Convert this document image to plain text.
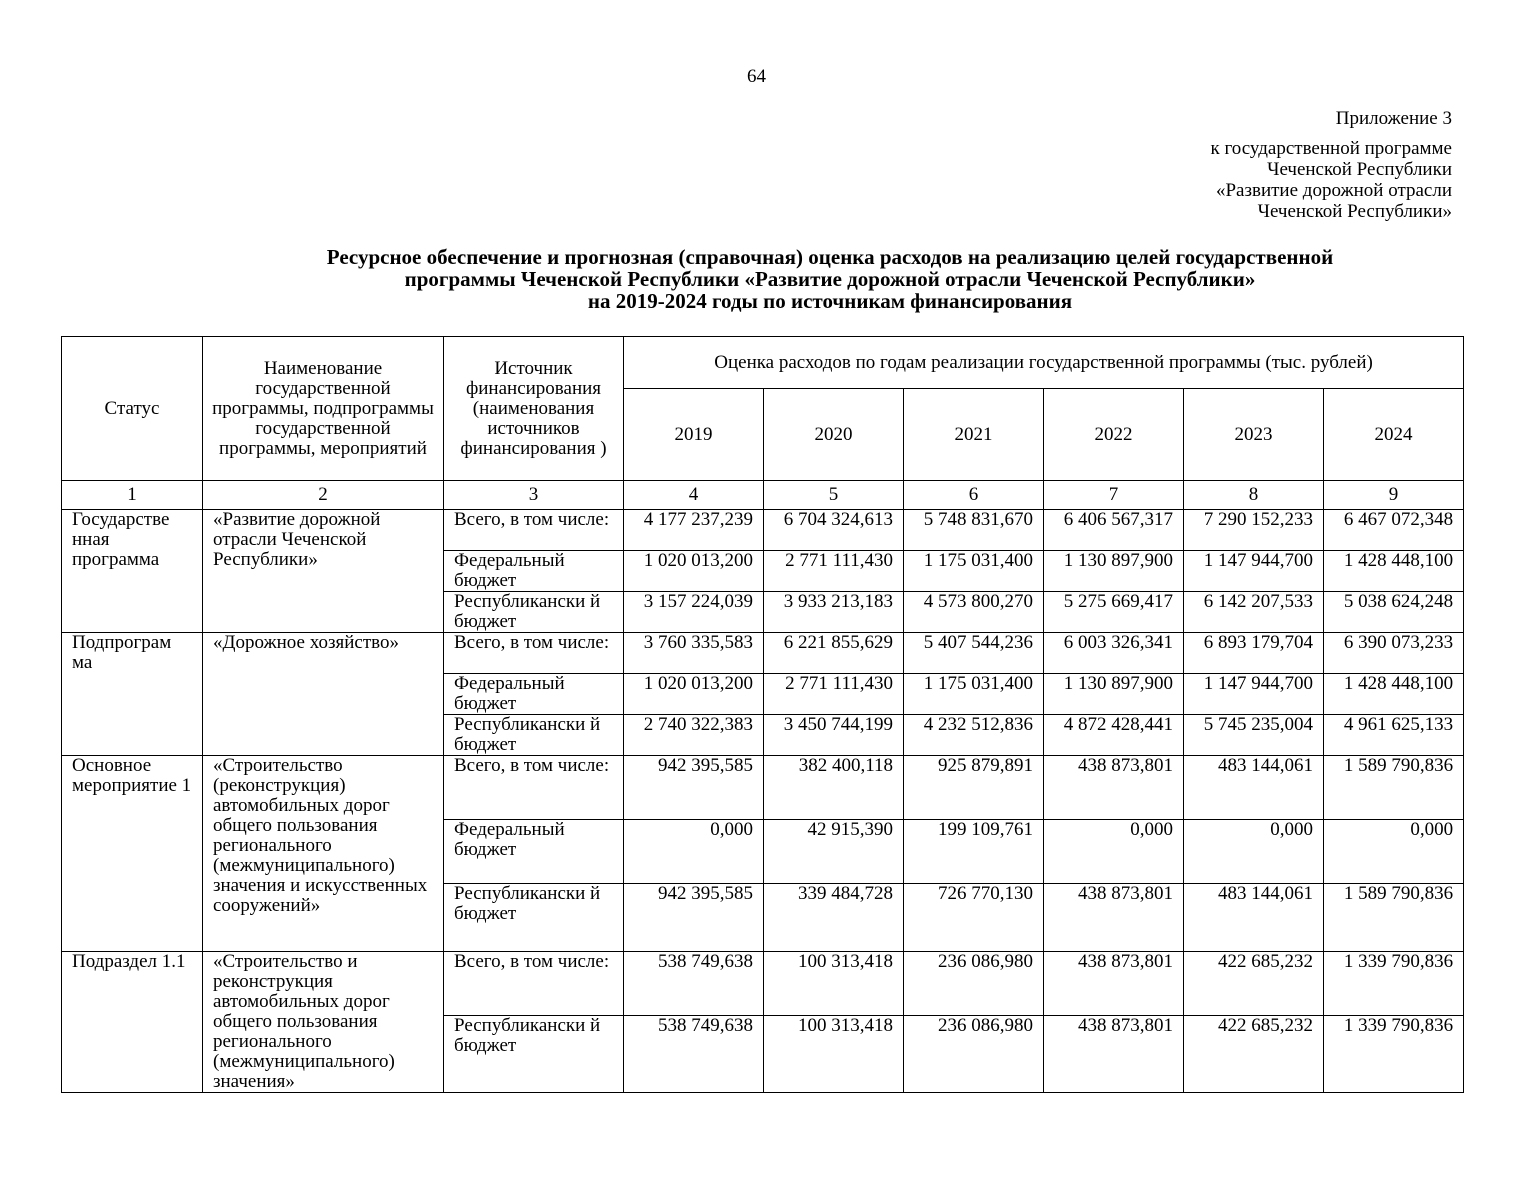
64
Приложение 3
к государственной программе
Чеченской Республики
«Развитие дорожной отрасли
Чеченской Республики»
Ресурсное обеспечение и прогнозная (справочная) оценка расходов на реализацию целей государственной
программы Чеченской Республики «Развитие дорожной отрасли Чеченской Республики»
на 2019-2024 годы по источникам финансирования
Статус	Наименование государственной программы, подпрограммы государственной программы, мероприятий	Источник финансирования (наименования источников финансирования )	Оценка расходов по годам реализации государственной программы (тыс. рублей)					
			2019	2020	2021	2022	2023	2024
1	2	3	4	5	6	7	8	9
Государстве нная программа	«Развитие дорожной отрасли Чеченской Республики»	Всего, в том числе:	4 177 237,239	6 704 324,613	5 748 831,670	6 406 567,317	7 290 152,233	6 467 072,348
		Федеральный бюджет	1 020 013,200	2 771 111,430	1 175 031,400	1 130 897,900	1 147 944,700	1 428 448,100
		Республикански й бюджет	3 157 224,039	3 933 213,183	4 573 800,270	5 275 669,417	6 142 207,533	5 038 624,248
Подпрограм ма	«Дорожное хозяйство»	Всего, в том числе:	3 760 335,583	6 221 855,629	5 407 544,236	6 003 326,341	6 893 179,704	6 390 073,233
		Федеральный бюджет	1 020 013,200	2 771 111,430	1 175 031,400	1 130 897,900	1 147 944,700	1 428 448,100
		Республикански й бюджет	2 740 322,383	3 450 744,199	4 232 512,836	4 872 428,441	5 745 235,004	4 961 625,133
Основное мероприятие 1	«Строительство (реконструкция) автомобильных дорог общего пользования регионального (межмуниципального) значения и искусственных сооружений»	Всего, в том числе:	942 395,585	382 400,118	925 879,891	438 873,801	483 144,061	1 589 790,836
		Федеральный бюджет	0,000	42 915,390	199 109,761	0,000	0,000	0,000
		Республикански й бюджет	942 395,585	339 484,728	726 770,130	438 873,801	483 144,061	1 589 790,836
Подраздел 1.1	«Строительство и реконструкция автомобильных дорог общего пользования регионального (межмуниципального) значения»	Всего, в том числе:	538 749,638	100 313,418	236 086,980	438 873,801	422 685,232	1 339 790,836
		Республикански й бюджет	538 749,638	100 313,418	236 086,980	438 873,801	422 685,232	1 339 790,836
